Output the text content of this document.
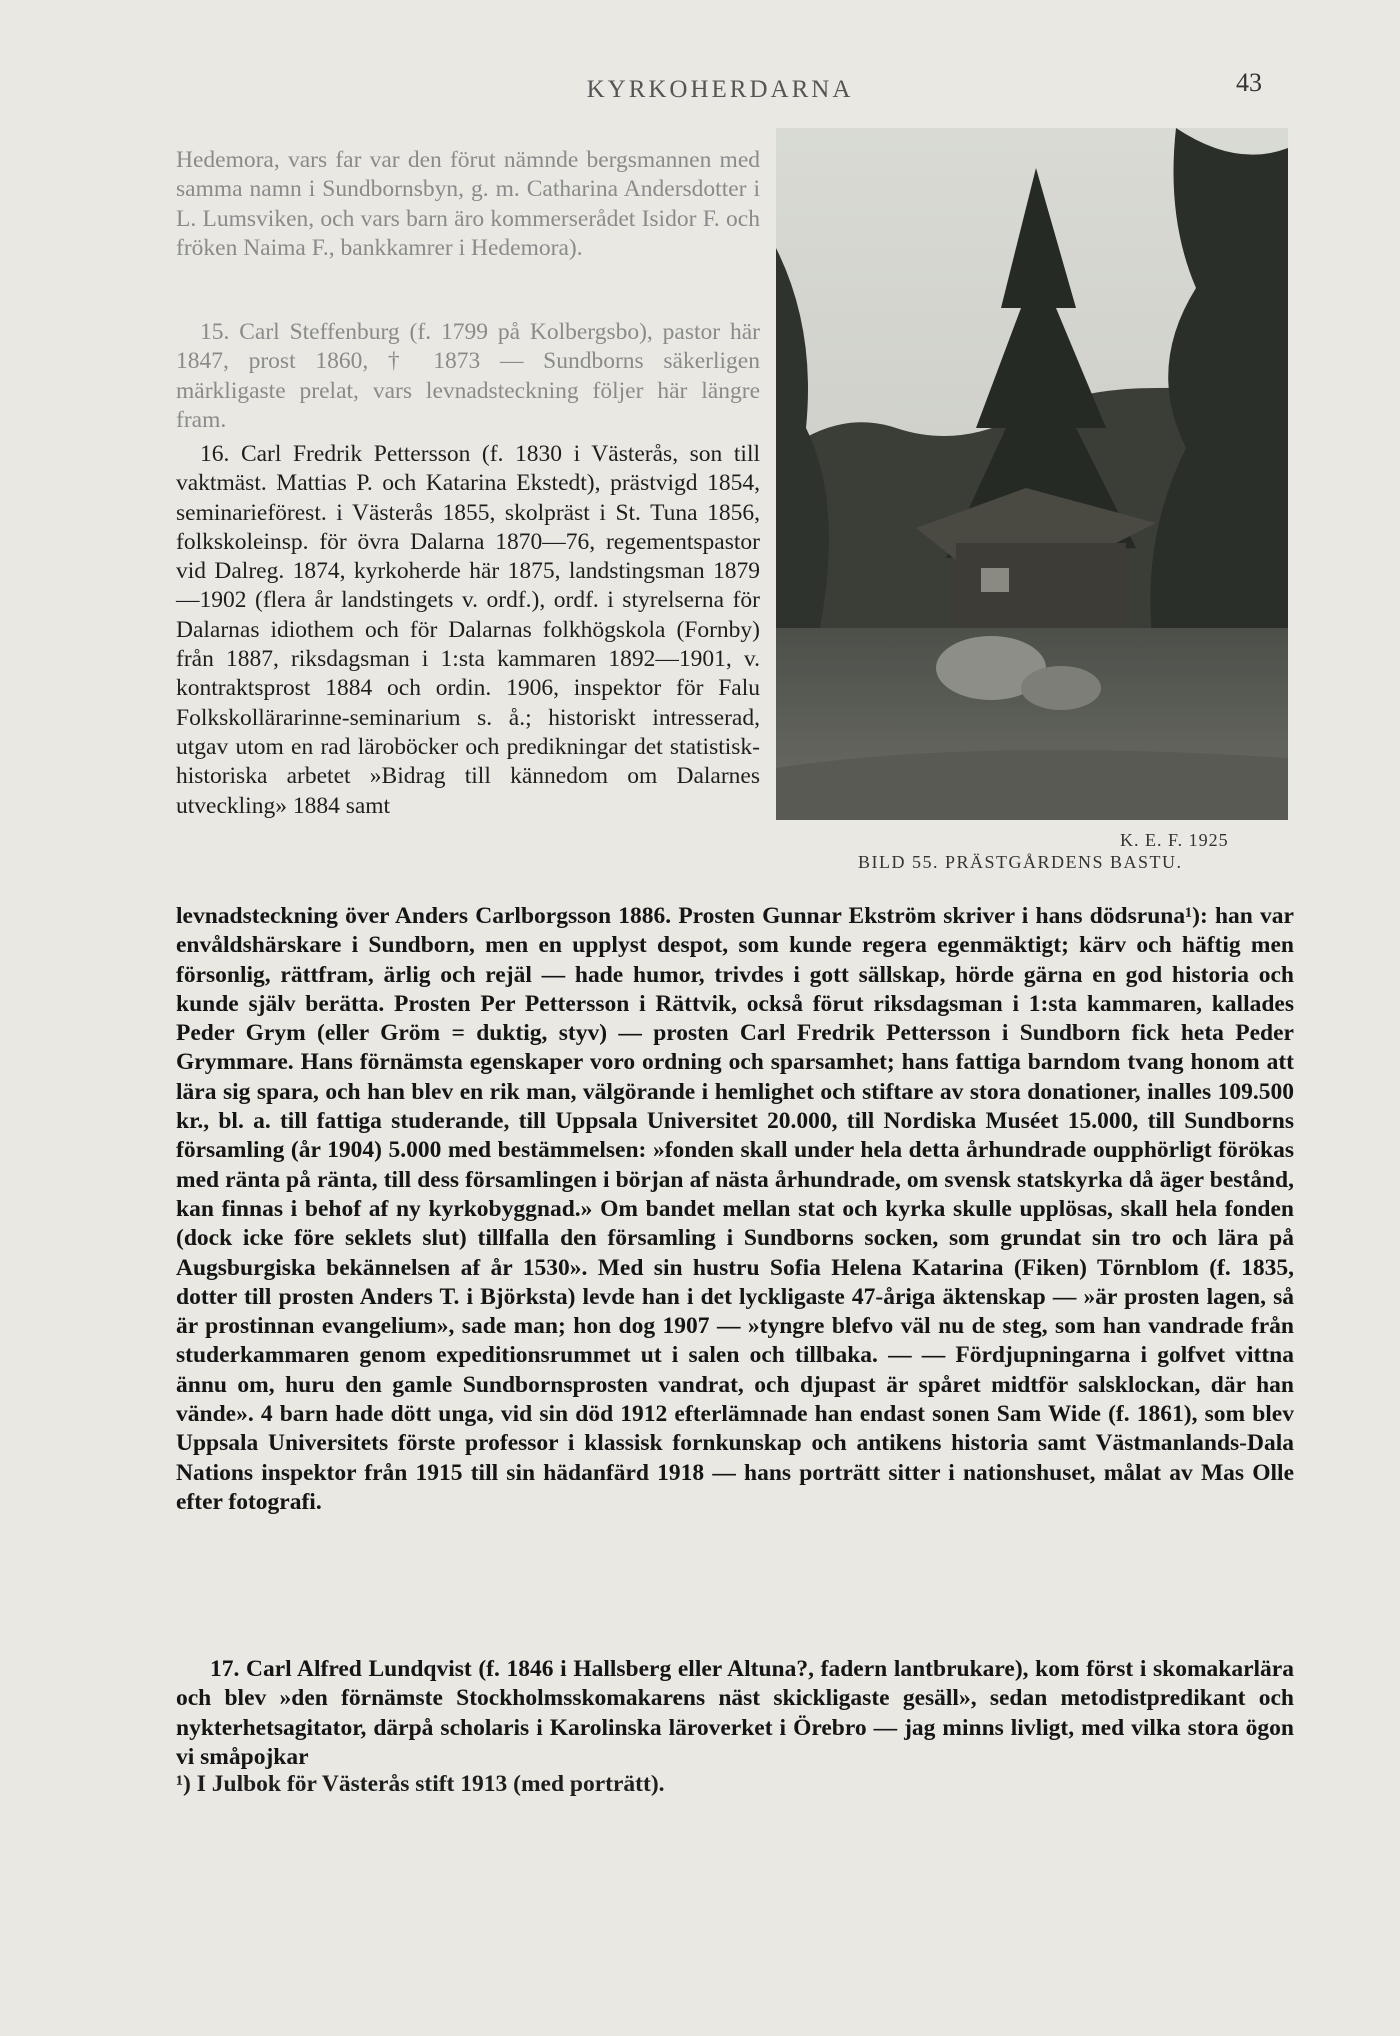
KYRKOHERDARNA	43

Hedemora, vars far var den förut nämnde bergsmannen med samma namn i Sundbornsbyn, g. m. Catharina Andersdotter i L. Lumsviken, och vars barn äro kommerserådet Isidor F. och fröken Naima F., bankkamrer i Hedemora).

15. Carl Steffenburg (f. 1799 på Kolbergsbo), pastor här 1847, prost 1860, † 1873 — Sundborns säkerligen märkligaste prelat, vars levnadsteckning följer här längre fram.

16. Carl Fredrik Pettersson (f. 1830 i Västerås, son till vaktmäst. Mattias P. och Katarina Ekstedt), prästvigd 1854, seminarieförest. i Västerås 1855, skolpräst i St. Tuna 1856, folkskoleinsp. för övra Dalarna 1870—76, regementspastor vid Dalreg. 1874, kyrkoherde här 1875, landstingsman 1879—1902 (flera år landstingets v. ordf.), ordf. i styrelserna för Dalarnas idiothem och för Dalarnas folkhögskola (Fornby) från 1887, riksdagsman i 1:sta kammaren 1892—1901, v. kontraktsprost 1884 och ordin. 1906, inspektor för Falu Folkskollärarinne-seminarium s. å.; historiskt intresserad, utgav utom en rad läroböcker och predikningar det statistisk-historiska arbetet »Bidrag till kännedom om Dalarnes utveckling» 1884 samt

K. E. F. 1925
BILD 55. PRÄSTGÅRDENS BASTU.

levnadsteckning över Anders Carlborgsson 1886. Prosten Gunnar Ekström skriver i hans dödsruna¹): han var envåldshärskare i Sundborn, men en upplyst despot, som kunde regera egenmäktigt; kärv och häftig men försonlig, rättfram, ärlig och rejäl — hade humor, trivdes i gott sällskap, hörde gärna en god historia och kunde själv berätta. Prosten Per Pettersson i Rättvik, också förut riksdagsman i 1:sta kammaren, kallades Peder Grym (eller Gröm = duktig, styv) — prosten Carl Fredrik Pettersson i Sundborn fick heta Peder Grymmare. Hans förnämsta egenskaper voro ordning och sparsamhet; hans fattiga barndom tvang honom att lära sig spara, och han blev en rik man, välgörande i hemlighet och stiftare av stora donationer, inalles 109.500 kr., bl. a. till fattiga studerande, till Uppsala Universitet 20.000, till Nordiska Muséet 15.000, till Sundborns församling (år 1904) 5.000 med bestämmelsen: »fonden skall under hela detta århundrade oupphörligt förökas med ränta på ränta, till dess församlingen i början af nästa århundrade, om svensk statskyrka då äger bestånd, kan finnas i behof af ny kyrkobyggnad.» Om bandet mellan stat och kyrka skulle upplösas, skall hela fonden (dock icke före seklets slut) tillfalla den församling i Sundborns socken, som grundat sin tro och lära på Augsburgiska bekännelsen af år 1530». Med sin hustru Sofia Helena Katarina (Fiken) Törnblom (f. 1835, dotter till prosten Anders T. i Björksta) levde han i det lyckligaste 47-åriga äktenskap — »är prosten lagen, så är prostinnan evangelium», sade man; hon dog 1907 — »tyngre blefvo väl nu de steg, som han vandrade från studerkammaren genom expeditionsrummet ut i salen och tillbaka. — — Fördjupningarna i golfvet vittna ännu om, huru den gamle Sundbornsprosten vandrat, och djupast är spåret midtför salsklockan, där han vände». 4 barn hade dött unga, vid sin död 1912 efterlämnade han endast sonen Sam Wide (f. 1861), som blev Uppsala Universitets förste professor i klassisk fornkunskap och antikens historia samt Västmanlands-Dala Nations inspektor från 1915 till sin hädanfärd 1918 — hans porträtt sitter i nationshuset, målat av Mas Olle efter fotografi.

17. Carl Alfred Lundqvist (f. 1846 i Hallsberg eller Altuna?, fadern lantbrukare), kom först i skomakarlära och blev »den förnämste Stockholmsskomakarens näst skickligaste gesäll», sedan metodistpredikant och nykterhetsagitator, därpå scholaris i Karolinska läroverket i Örebro — jag minns livligt, med vilka stora ögon vi småpojkar

¹) I Julbok för Västerås stift 1913 (med porträtt).
